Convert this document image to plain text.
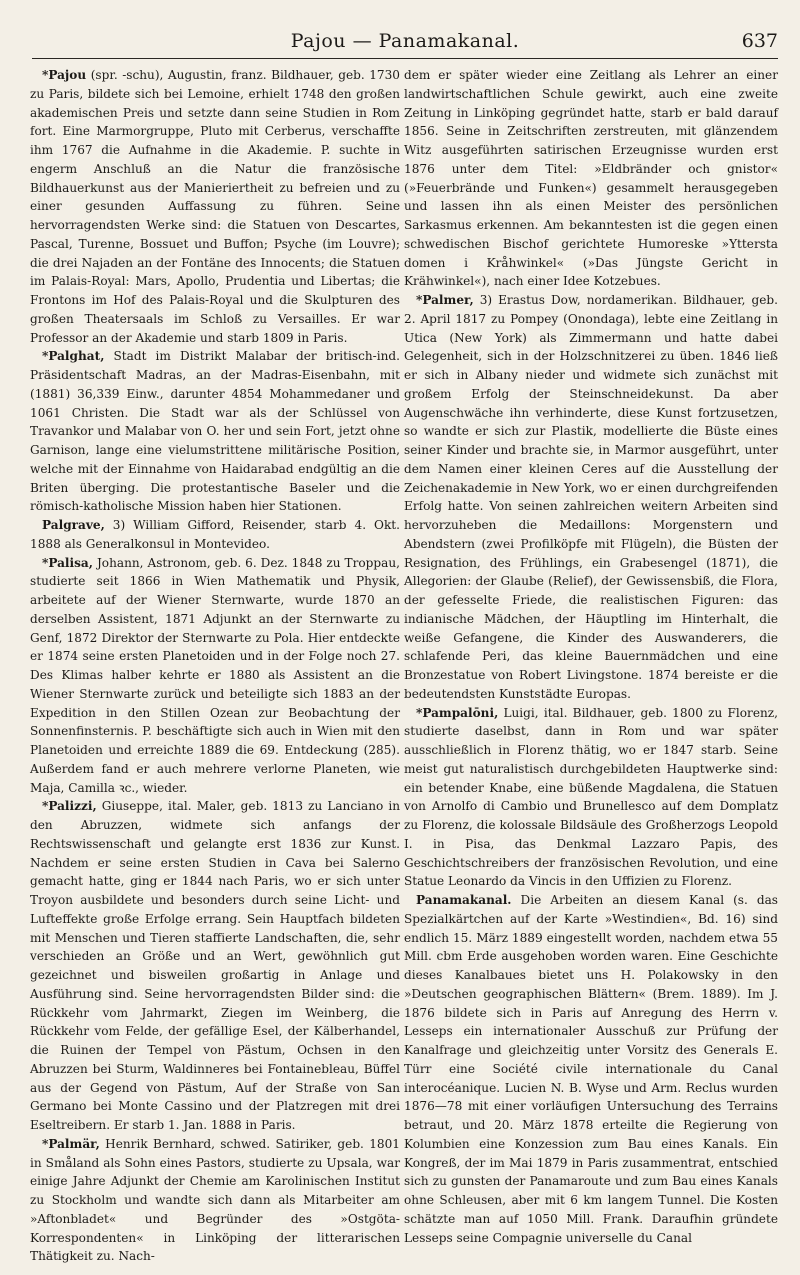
Pajou — Panamakanal.	637

*Pajou (spr. -schu), Augustin, franz. Bildhauer, geb. 1730 zu Paris, bildete sich bei Lemoine, erhielt 1748 den großen akademischen Preis und setzte dann seine Studien in Rom fort. Eine Marmorgruppe, Pluto mit Cerberus, verschaffte ihm 1767 die Aufnahme in die Akademie. P. suchte in engerm Anschluß an die Natur die französische Bildhauerkunst aus der Manieriertheit zu befreien und zu einer gesunden Auffassung zu führen. Seine hervorragendsten Werke sind: die Statuen von Descartes, Pascal, Turenne, Bossuet und Buffon; Psyche (im Louvre); die drei Najaden an der Fontäne des Innocents; die Statuen im Palais-Royal: Mars, Apollo, Prudentia und Libertas; die Frontons im Hof des Palais-Royal und die Skulpturen des großen Theatersaals im Schloß zu Versailles. Er war Professor an der Akademie und starb 1809 in Paris.

*Palghat, Stadt im Distrikt Malabar der britisch-ind. Präsidentschaft Madras, an der Madras-Eisenbahn, mit (1881) 36,339 Einw., darunter 4854 Mohammedaner und 1061 Christen. Die Stadt war als der Schlüssel von Travankor und Malabar von O. her und sein Fort, jetzt ohne Garnison, lange eine vielumstrittene militärische Position, welche mit der Einnahme von Haidarabad endgültig an die Briten überging. Die protestantische Baseler und die römisch-katholische Mission haben hier Stationen.

Palgrave, 3) William Gifford, Reisender, starb 4. Okt. 1888 als Generalkonsul in Montevideo.

*Palisa, Johann, Astronom, geb. 6. Dez. 1848 zu Troppau, studierte seit 1866 in Wien Mathematik und Physik, arbeitete auf der Wiener Sternwarte, wurde 1870 an derselben Assistent, 1871 Adjunkt an der Sternwarte zu Genf, 1872 Direktor der Sternwarte zu Pola. Hier entdeckte er 1874 seine ersten Planetoiden und in der Folge noch 27. Des Klimas halber kehrte er 1880 als Assistent an die Wiener Sternwarte zurück und beteiligte sich 1883 an der Expedition in den Stillen Ozean zur Beobachtung der Sonnenfinsternis. P. beschäftigte sich auch in Wien mit den Planetoiden und erreichte 1889 die 69. Entdeckung (285). Außerdem fand er auch mehrere verlorne Planeten, wie Maja, Camilla ꝛc., wieder.

*Palizzi, Giuseppe, ital. Maler, geb. 1813 zu Lanciano in den Abruzzen, widmete sich anfangs der Rechtswissenschaft und gelangte erst 1836 zur Kunst. Nachdem er seine ersten Studien in Cava bei Salerno gemacht hatte, ging er 1844 nach Paris, wo er sich unter Troyon ausbildete und besonders durch seine Licht- und Lufteffekte große Erfolge errang. Sein Hauptfach bildeten mit Menschen und Tieren staffierte Landschaften, die, sehr verschieden an Größe und an Wert, gewöhnlich gut gezeichnet und bisweilen großartig in Anlage und Ausführung sind. Seine hervorragendsten Bilder sind: die Rückkehr vom Jahrmarkt, Ziegen im Weinberg, die Rückkehr vom Felde, der gefällige Esel, der Kälberhandel, die Ruinen der Tempel von Pästum, Ochsen in den Abruzzen bei Sturm, Waldinneres bei Fontainebleau, Büffel aus der Gegend von Pästum, Auf der Straße von San Germano bei Monte Cassino und der Platzregen mit drei Eseltreibern. Er starb 1. Jan. 1888 in Paris.

*Palmär, Henrik Bernhard, schwed. Satiriker, geb. 1801 in Småland als Sohn eines Pastors, studierte zu Upsala, war einige Jahre Adjunkt der Chemie am Karolinischen Institut zu Stockholm und wandte sich dann als Mitarbeiter am »Aftonbladet« und Begründer des »Ostgöta-Korrespondenten« in Linköping der litterarischen Thätigkeit zu. Nach-

dem er später wieder eine Zeitlang als Lehrer an einer landwirtschaftlichen Schule gewirkt, auch eine zweite Zeitung in Linköping gegründet hatte, starb er bald darauf 1856. Seine in Zeitschriften zerstreuten, mit glänzendem Witz ausgeführten satirischen Erzeugnisse wurden erst 1876 unter dem Titel: »Eldbränder och gnistor« (»Feuerbrände und Funken«) gesammelt herausgegeben und lassen ihn als einen Meister des persönlichen Sarkasmus erkennen. Am bekanntesten ist die gegen einen schwedischen Bischof gerichtete Humoreske »Yttersta domen i Kråhwinkel« (»Das Jüngste Gericht in Krähwinkel«), nach einer Idee Kotzebues.

*Palmer, 3) Erastus Dow, nordamerikan. Bildhauer, geb. 2. April 1817 zu Pompey (Onondaga), lebte eine Zeitlang in Utica (New York) als Zimmermann und hatte dabei Gelegenheit, sich in der Holzschnitzerei zu üben. 1846 ließ er sich in Albany nieder und widmete sich zunächst mit großem Erfolg der Steinschneidekunst. Da aber Augenschwäche ihn verhinderte, diese Kunst fortzusetzen, so wandte er sich zur Plastik, modellierte die Büste eines seiner Kinder und brachte sie, in Marmor ausgeführt, unter dem Namen einer kleinen Ceres auf die Ausstellung der Zeichenakademie in New York, wo er einen durchgreifenden Erfolg hatte. Von seinen zahlreichen weitern Arbeiten sind hervorzuheben die Medaillons: Morgenstern und Abendstern (zwei Profilköpfe mit Flügeln), die Büsten der Resignation, des Frühlings, ein Grabesengel (1871), die Allegorien: der Glaube (Relief), der Gewissensbiß, die Flora, der gefesselte Friede, die realistischen Figuren: das indianische Mädchen, der Häuptling im Hinterhalt, die weiße Gefangene, die Kinder des Auswanderers, die schlafende Peri, das kleine Bauernmädchen und eine Bronzestatue von Robert Livingstone. 1874 bereiste er die bedeutendsten Kunststädte Europas.

*Pampalōni, Luigi, ital. Bildhauer, geb. 1800 zu Florenz, studierte daselbst, dann in Rom und war später ausschließlich in Florenz thätig, wo er 1847 starb. Seine meist gut naturalistisch durchgebildeten Hauptwerke sind: ein betender Knabe, eine büßende Magdalena, die Statuen von Arnolfo di Cambio und Brunellesco auf dem Domplatz zu Florenz, die kolossale Bildsäule des Großherzogs Leopold I. in Pisa, das Denkmal Lazzaro Papis, des Geschichtschreibers der französischen Revolution, und eine Statue Leonardo da Vincis in den Uffizien zu Florenz.

Panamakanal. Die Arbeiten an diesem Kanal (s. das Spezialkärtchen auf der Karte »Westindien«, Bd. 16) sind endlich 15. März 1889 eingestellt worden, nachdem etwa 55 Mill. cbm Erde ausgehoben worden waren. Eine Geschichte dieses Kanalbaues bietet uns H. Polakowsky in den »Deutschen geographischen Blättern« (Brem. 1889). Im J. 1876 bildete sich in Paris auf Anregung des Herrn v. Lesseps ein internationaler Ausschuß zur Prüfung der Kanalfrage und gleichzeitig unter Vorsitz des Generals E. Türr eine Société civile internationale du Canal interocéanique. Lucien N. B. Wyse und Arm. Reclus wurden 1876—78 mit einer vorläufigen Untersuchung des Terrains betraut, und 20. März 1878 erteilte die Regierung von Kolumbien eine Konzession zum Bau eines Kanals. Ein Kongreß, der im Mai 1879 in Paris zusammentrat, entschied sich zu gunsten der Panamaroute und zum Bau eines Kanals ohne Schleusen, aber mit 6 km langem Tunnel. Die Kosten schätzte man auf 1050 Mill. Frank. Daraufhin gründete Lesseps seine Compagnie universelle du Canal
